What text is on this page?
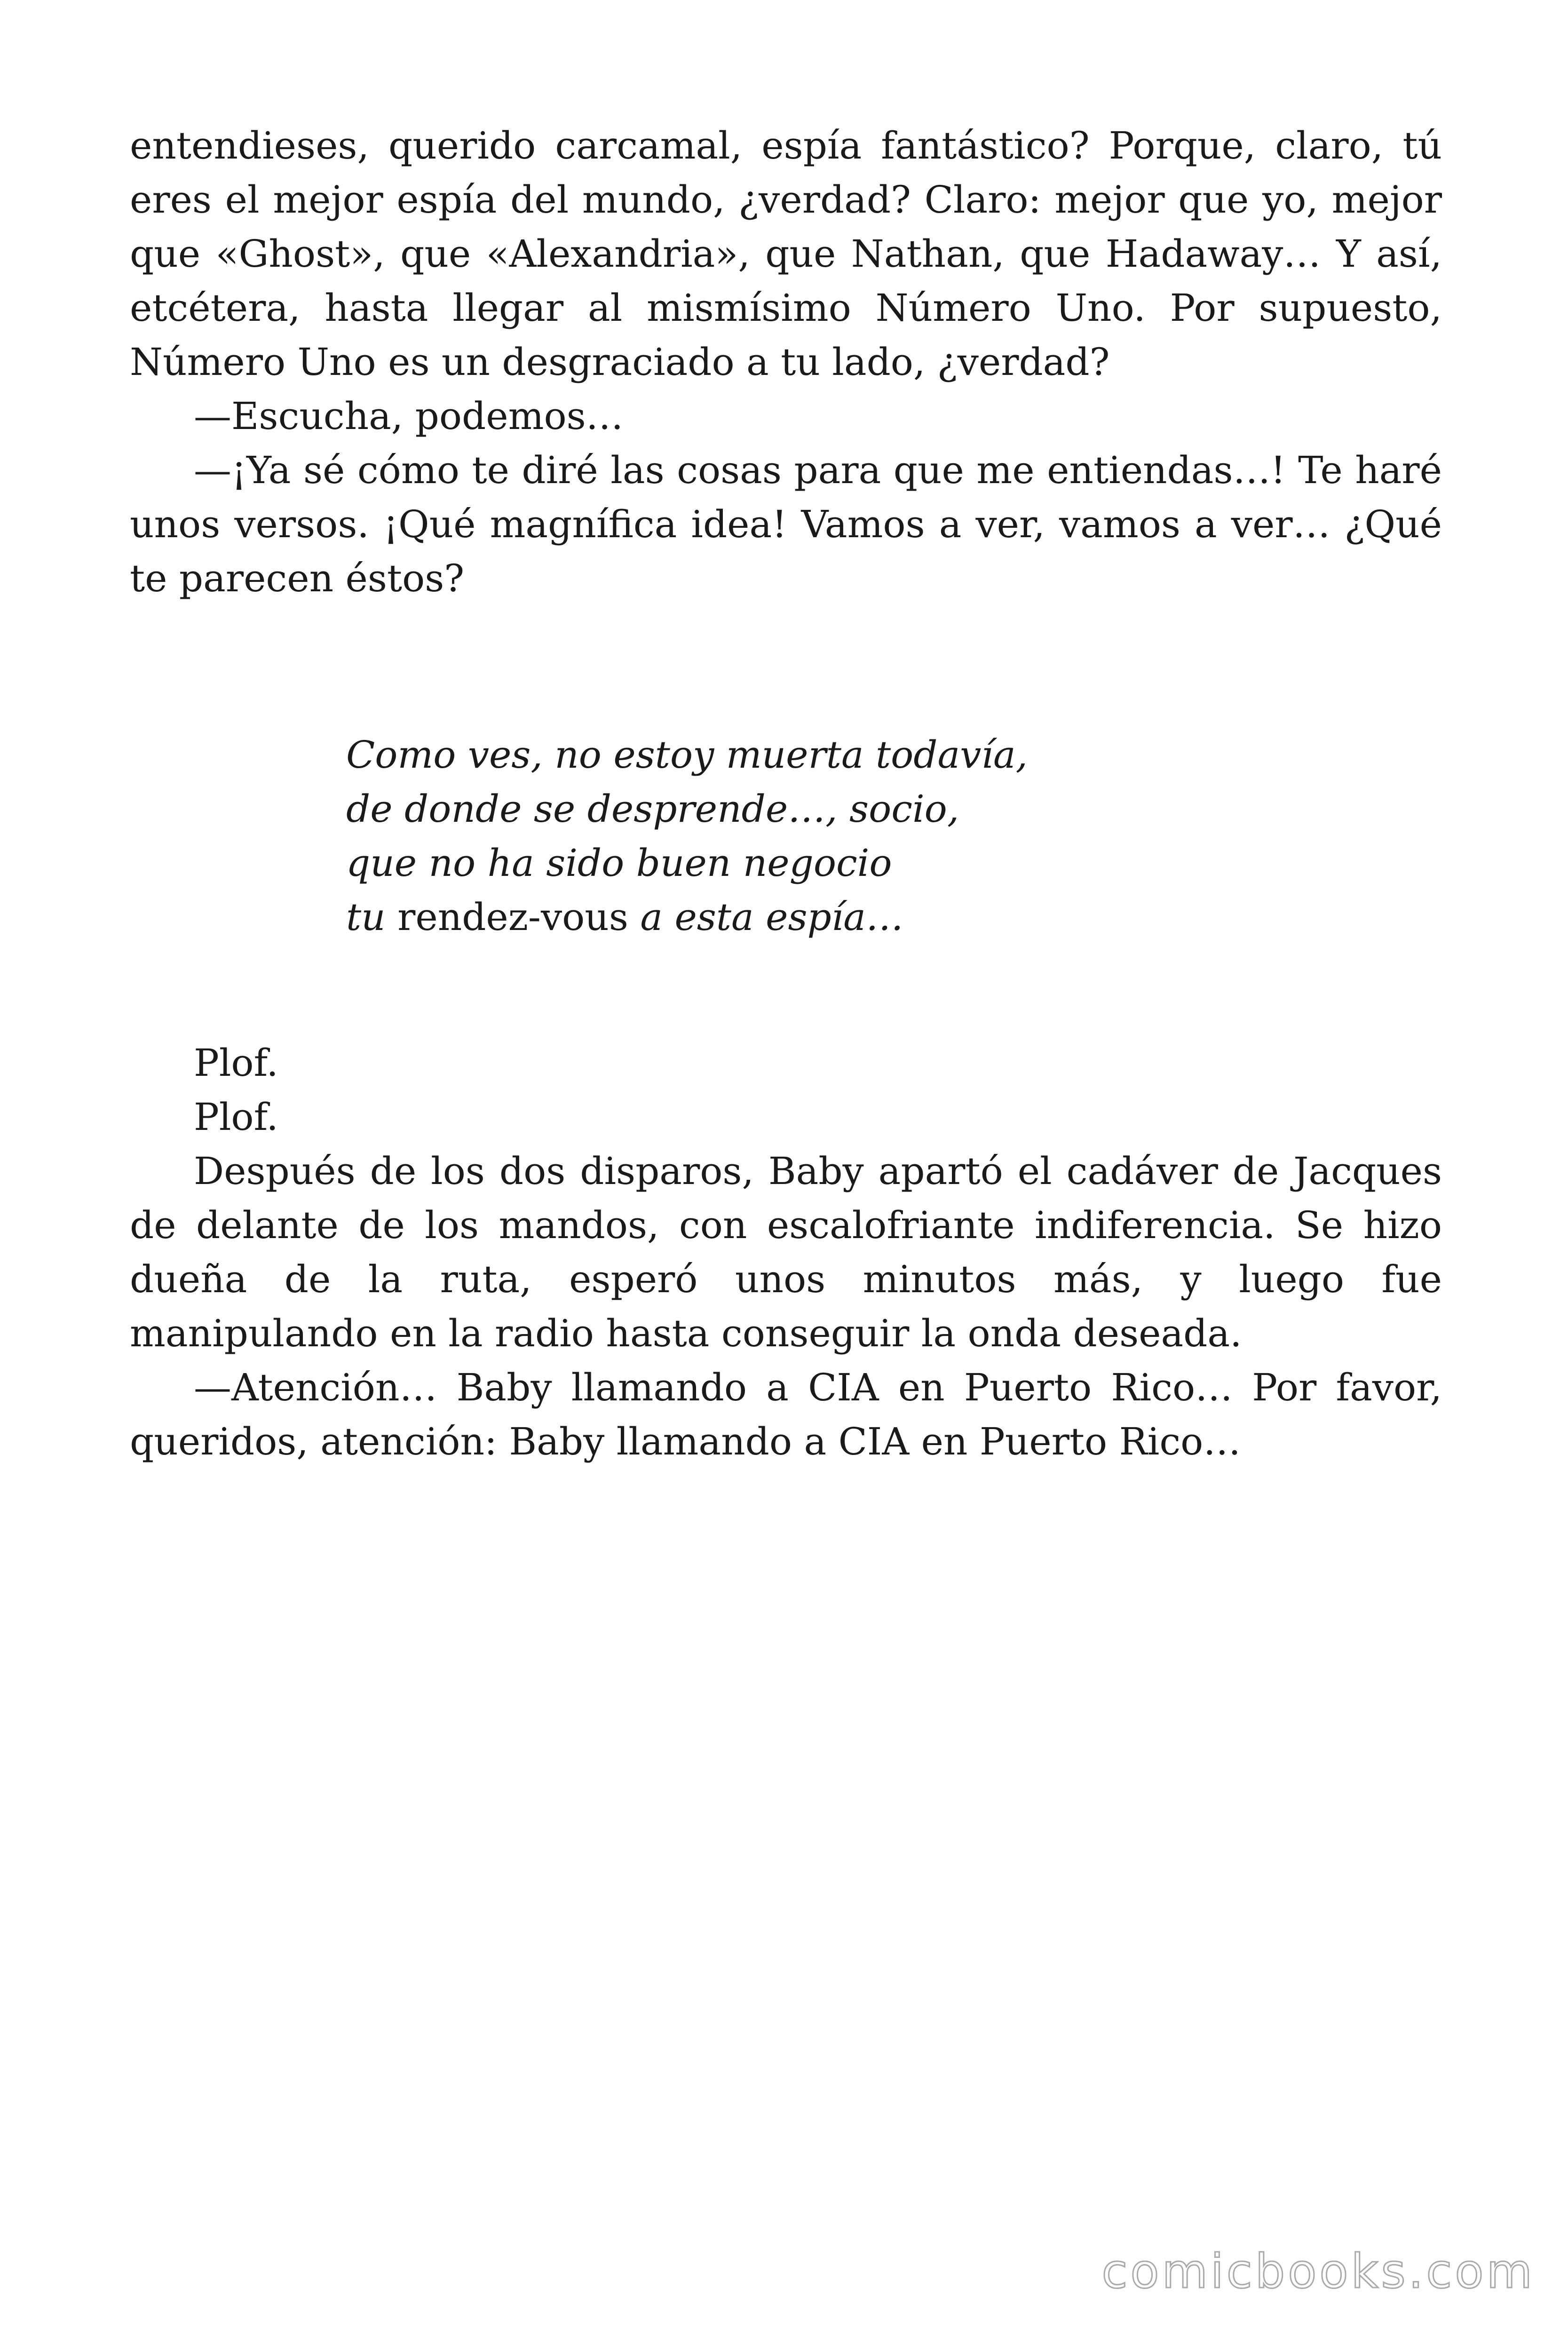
entendieses, querido carcamal, espía fantástico? Porque, claro, tú eres el mejor espía del mundo, ¿verdad? Claro: mejor que yo, mejor que «Ghost», que «Alexandria», que Nathan, que Hadaway… Y así, etcétera, hasta llegar al mismísimo Número Uno. Por supuesto, Número Uno es un desgraciado a tu lado, ¿verdad?

—Escucha, podemos…

—¡Ya sé cómo te diré las cosas para que me entiendas…! Te haré unos versos. ¡Qué magnífica idea! Vamos a ver, vamos a ver… ¿Qué te parecen éstos?

Como ves, no estoy muerta todavía,
de donde se desprende…, socio,
que no ha sido buen negocio
tu rendez-vous a esta espía…

Plof.

Plof.

Después de los dos disparos, Baby apartó el cadáver de Jacques de delante de los mandos, con escalofriante indiferencia. Se hizo dueña de la ruta, esperó unos minutos más, y luego fue manipulando en la radio hasta conseguir la onda deseada.

—Atención… Baby llamando a CIA en Puerto Rico… Por favor, queridos, atención: Baby llamando a CIA en Puerto Rico…

comicbooks.com
